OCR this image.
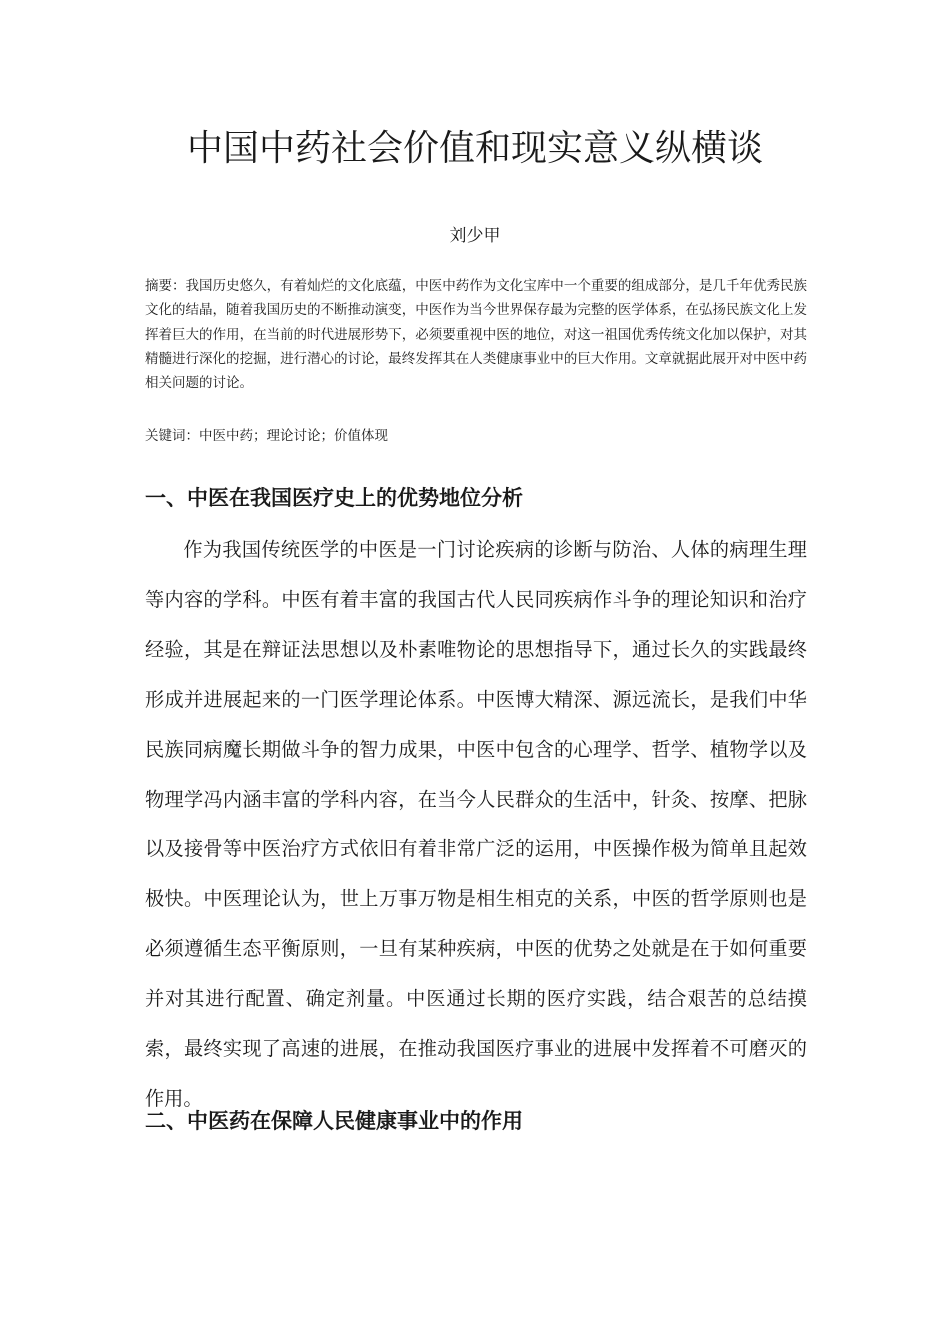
中国中药社会价值和现实意义纵横谈
刘少甲

摘要：我国历史悠久，有着灿烂的文化底蕴，中医中药作为文化宝库中一个重要的组成部分，是几千年优秀民族文化的结晶，随着我国历史的不断推动演变，中医作为当今世界保存最为完整的医学体系，在弘扬民族文化上发挥着巨大的作用，在当前的时代进展形势下，必须要重视中医的地位，对这一祖国优秀传统文化加以保护，对其精髓进行深化的挖掘，进行潜心的讨论，最终发挥其在人类健康事业中的巨大作用。文章就据此展开对中医中药相关问题的讨论。

关键词：中医中药；理论讨论；价值体现

一、中医在我国医疗史上的优势地位分析

作为我国传统医学的中医是一门讨论疾病的诊断与防治、人体的病理生理等内容的学科。中医有着丰富的我国古代人民同疾病作斗争的理论知识和治疗经验，其是在辩证法思想以及朴素唯物论的思想指导下，通过长久的实践最终形成并进展起来的一门医学理论体系。中医博大精深、源远流长，是我们中华民族同病魔长期做斗争的智力成果，中医中包含的心理学、哲学、植物学以及物理学冯内涵丰富的学科内容，在当今人民群众的生活中，针灸、按摩、把脉以及接骨等中医治疗方式依旧有着非常广泛的运用，中医操作极为简单且起效极快。中医理论认为，世上万事万物是相生相克的关系，中医的哲学原则也是必须遵循生态平衡原则，一旦有某种疾病，中医的优势之处就是在于如何重要并对其进行配置、确定剂量。中医通过长期的医疗实践，结合艰苦的总结摸索，最终实现了高速的进展，在推动我国医疗事业的进展中发挥着不可磨灭的作用。

二、中医药在保障人民健康事业中的作用
